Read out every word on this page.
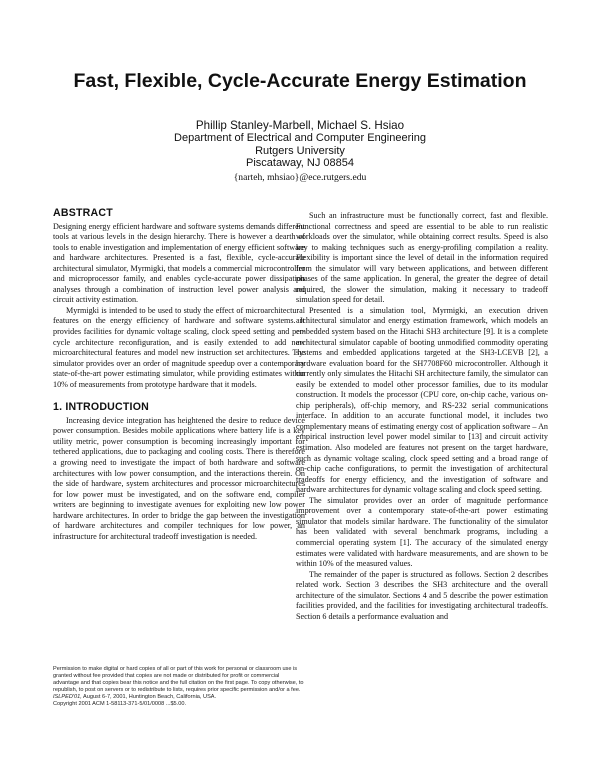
Fast, Flexible, Cycle-Accurate Energy Estimation
Phillip Stanley-Marbell, Michael S. Hsiao
Department of Electrical and Computer Engineering
Rutgers University
Piscataway, NJ 08854
{narteh, mhsiao}@ece.rutgers.edu
ABSTRACT

Designing energy efficient hardware and software systems demands different tools at various levels in the design hierarchy. There is however a dearth of tools to enable investigation and implementation of energy efficient software and hardware architectures. Presented is a fast, flexible, cycle-accurate architectural simulator, Myrmigki, that models a commercial microcontroller and microprocessor family, and enables cycle-accurate power dissipation analyses through a combination of instruction level power analysis and circuit activity estimation.

Myrmigki is intended to be used to study the effect of microarchitectural features on the energy efficiency of hardware and software systems. It provides facilities for dynamic voltage scaling, clock speed setting and per-cycle architecture reconfiguration, and is easily extended to add new microarchitectural features and model new instruction set architectures. The simulator provides over an order of magnitude speedup over a contemporary state-of-the-art power estimating simulator, while providing estimates within 10% of measurements from prototype hardware that it models.

1. INTRODUCTION

Increasing device integration has heightened the desire to reduce device power consumption. Besides mobile applications where battery life is a key utility metric, power consumption is becoming increasingly important for tethered applications, due to packaging and cooling costs. There is therefore a growing need to investigate the impact of both hardware and software architectures with low power consumption, and the interactions therein. On the side of hardware, system architectures and processor microarchitectures for low power must be investigated, and on the software end, compiler writers are beginning to investigate avenues for exploiting new low power hardware architectures. In order to bridge the gap between the investigation of hardware architectures and compiler techniques for low power, an infrastructure for architectural tradeoff investigation is needed.

Permission to make digital or hard copies of all or part of this work for personal or classroom use is granted without fee provided that copies are not made or distributed for profit or commercial advantage and that copies bear this notice and the full citation on the first page. To copy otherwise, to republish, to post on servers or to redistribute to lists, requires prior specific permission and/or a fee.
ISLPED'01, August 6-7, 2001, Huntington Beach, California, USA.
Copyright 2001 ACM 1-58113-371-5/01/0008 ...$5.00.

Such an infrastructure must be functionally correct, fast and flexible. Functional correctness and speed are essential to be able to run realistic workloads over the simulator, while obtaining correct results. Speed is also key to making techniques such as energy-profiling compilation a reality. Flexibility is important since the level of detail in the information required from the simulator will vary between applications, and between different phases of the same application. In general, the greater the degree of detail required, the slower the simulation, making it necessary to tradeoff simulation speed for detail.

Presented is a simulation tool, Myrmigki, an execution driven architectural simulator and energy estimation framework, which models an embedded system based on the Hitachi SH3 architecture [9]. It is a complete architectural simulator capable of booting unmodified commodity operating systems and embedded applications targeted at the SH3-LCEVB [2], a hardware evaluation board for the SH7708F60 microcontroller. Although it currently only simulates the Hitachi SH architecture family, the simulator can easily be extended to model other processor families, due to its modular construction. It models the processor (CPU core, on-chip cache, various on-chip peripherals), off-chip memory, and RS-232 serial communications interface. In addition to an accurate functional model, it includes two complementary means of estimating energy cost of application software – An empirical instruction level power model similar to [13] and circuit activity estimation. Also modeled are features not present on the target hardware, such as dynamic voltage scaling, clock speed setting and a broad range of on-chip cache configurations, to permit the investigation of architectural tradeoffs for energy efficiency, and the investigation of software and hardware architectures for dynamic voltage scaling and clock speed setting.

The simulator provides over an order of magnitude performance improvement over a contemporary state-of-the-art power estimating simulator that models similar hardware. The functionality of the simulator has been validated with several benchmark programs, including a commercial operating system [1]. The accuracy of the simulated energy estimates were validated with hardware measurements, and are shown to be within 10% of the measured values.

The remainder of the paper is structured as follows. Section 2 describes related work. Section 3 describes the SH3 architecture and the overall architecture of the simulator. Sections 4 and 5 describe the power estimation facilities provided, and the facilities for investigating architectural tradeoffs. Section 6 details a performance evaluation and
